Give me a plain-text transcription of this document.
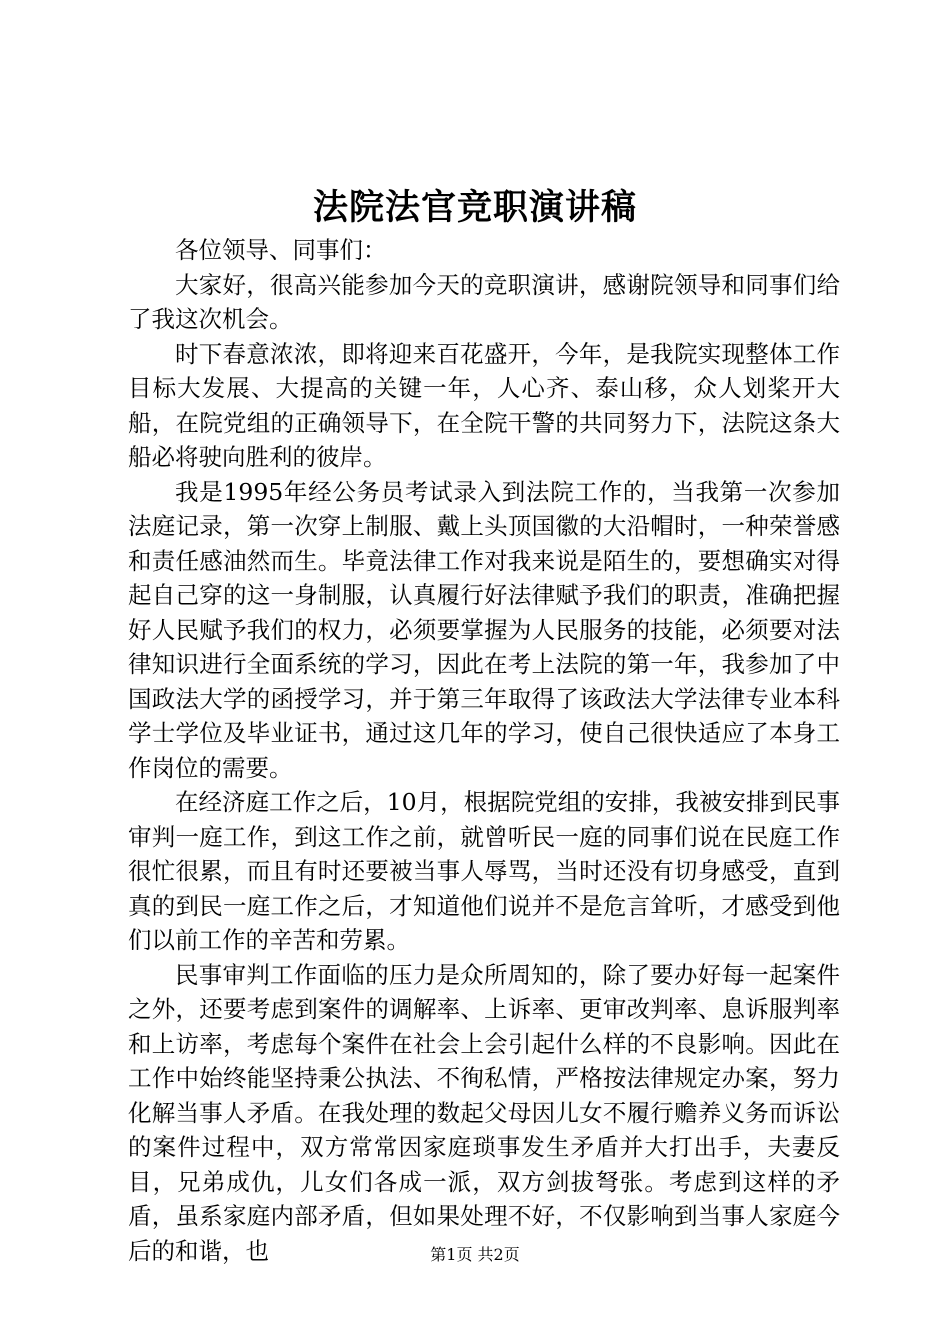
法院法官竞职演讲稿

各位领导、同事们：

大家好，很高兴能参加今天的竞职演讲，感谢院领导和同事们给了我这次机会。

时下春意浓浓，即将迎来百花盛开，今年，是我院实现整体工作目标大发展、大提高的关键一年，人心齐、泰山移，众人划桨开大船，在院党组的正确领导下，在全院干警的共同努力下，法院这条大船必将驶向胜利的彼岸。

我是1995年经公务员考试录入到法院工作的，当我第一次参加法庭记录，第一次穿上制服、戴上头顶国徽的大沿帽时，一种荣誉感和责任感油然而生。毕竟法律工作对我来说是陌生的，要想确实对得起自己穿的这一身制服，认真履行好法律赋予我们的职责，准确把握好人民赋予我们的权力，必须要掌握为人民服务的技能，必须要对法律知识进行全面系统的学习，因此在考上法院的第一年，我参加了中国政法大学的函授学习，并于第三年取得了该政法大学法律专业本科学士学位及毕业证书，通过这几年的学习，使自己很快适应了本身工作岗位的需要。

在经济庭工作之后，10月，根据院党组的安排，我被安排到民事审判一庭工作，到这工作之前，就曾听民一庭的同事们说在民庭工作很忙很累，而且有时还要被当事人辱骂，当时还没有切身感受，直到真的到民一庭工作之后，才知道他们说并不是危言耸听，才感受到他们以前工作的辛苦和劳累。

民事审判工作面临的压力是众所周知的，除了要办好每一起案件之外，还要考虑到案件的调解率、上诉率、更审改判率、息诉服判率和上访率，考虑每个案件在社会上会引起什么样的不良影响。因此在工作中始终能坚持秉公执法、不徇私情，严格按法律规定办案，努力化解当事人矛盾。在我处理的数起父母因儿女不履行赡养义务而诉讼的案件过程中，双方常常因家庭琐事发生矛盾并大打出手，夫妻反目，兄弟成仇，儿女们各成一派，双方剑拔弩张。考虑到这样的矛盾，虽系家庭内部矛盾，但如果处理不好，不仅影响到当事人家庭今后的和谐，也	第1页 共2页
